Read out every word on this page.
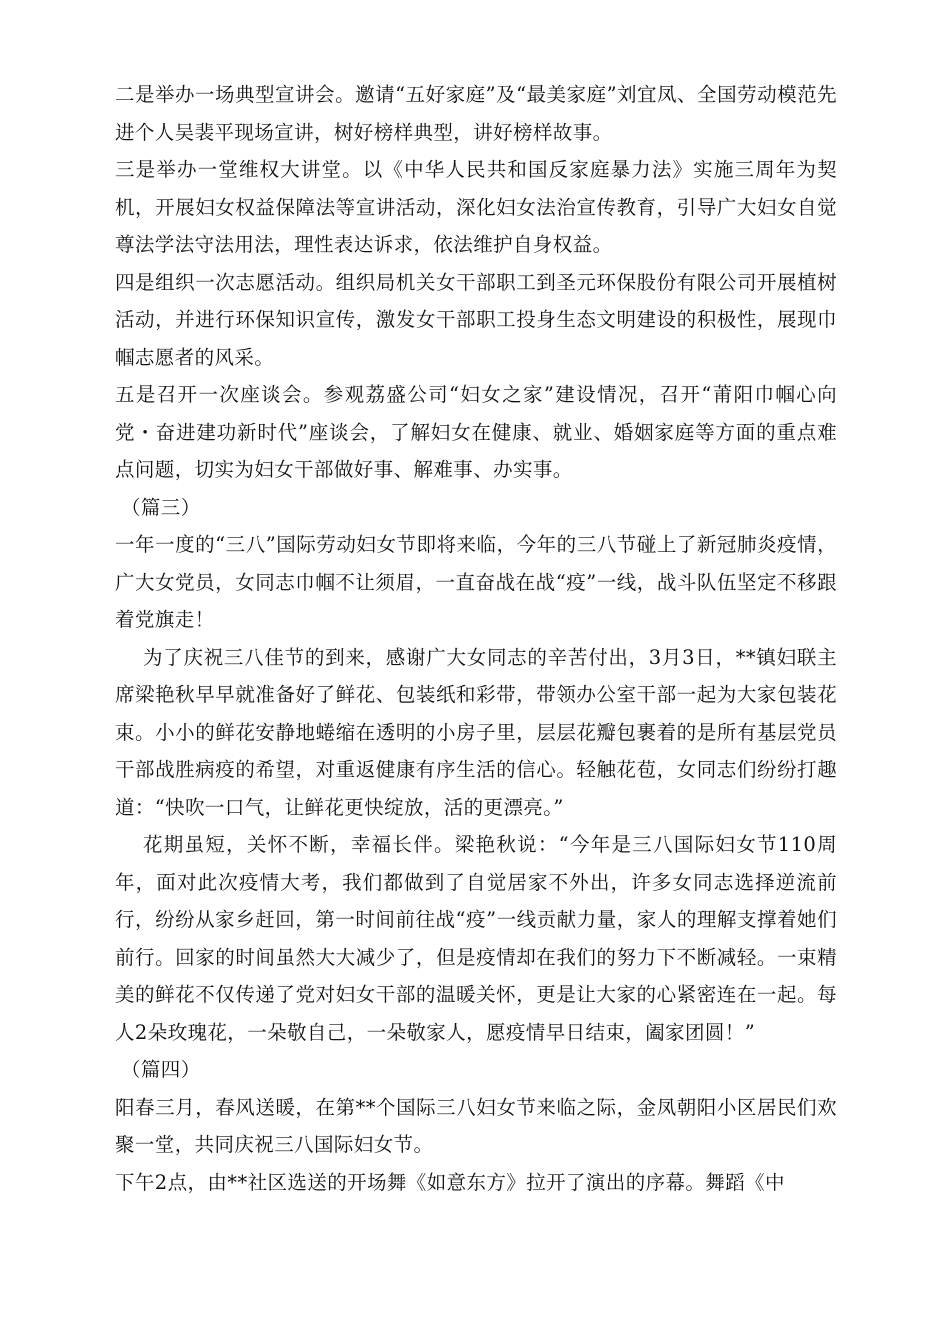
二是举办一场典型宣讲会。邀请“五好家庭”及“最美家庭”刘宜凤、全国劳动模范先进个人吴裴平现场宣讲，树好榜样典型，讲好榜样故事。

三是举办一堂维权大讲堂。以《中华人民共和国反家庭暴力法》实施三周年为契机，开展妇女权益保障法等宣讲活动，深化妇女法治宣传教育，引导广大妇女自觉尊法学法守法用法，理性表达诉求，依法维护自身权益。

四是组织一次志愿活动。组织局机关女干部职工到圣元环保股份有限公司开展植树活动，并进行环保知识宣传，激发女干部职工投身生态文明建设的积极性，展现巾帼志愿者的风采。

五是召开一次座谈会。参观荔盛公司“妇女之家”建设情况，召开“莆阳巾帼心向党・奋进建功新时代”座谈会，了解妇女在健康、就业、婚姻家庭等方面的重点难点问题，切实为妇女干部做好事、解难事、办实事。

（篇三）

一年一度的“三八”国际劳动妇女节即将来临，今年的三八节碰上了新冠肺炎疫情，广大女党员，女同志巾帼不让须眉，一直奋战在战“疫”一线，战斗队伍坚定不移跟着党旗走！

为了庆祝三八佳节的到来，感谢广大女同志的辛苦付出，3月3日，**镇妇联主席梁艳秋早早就准备好了鲜花、包装纸和彩带，带领办公室干部一起为大家包装花束。小小的鲜花安静地蜷缩在透明的小房子里，层层花瓣包裹着的是所有基层党员干部战胜病疫的希望，对重返健康有序生活的信心。轻触花苞，女同志们纷纷打趣道：“快吹一口气，让鲜花更快绽放，活的更漂亮。”

花期虽短，关怀不断，幸福长伴。梁艳秋说：“今年是三八国际妇女节110周年，面对此次疫情大考，我们都做到了自觉居家不外出，许多女同志选择逆流前行，纷纷从家乡赶回，第一时间前往战“疫”一线贡献力量，家人的理解支撑着她们前行。回家的时间虽然大大减少了，但是疫情却在我们的努力下不断减轻。一束精美的鲜花不仅传递了党对妇女干部的温暖关怀，更是让大家的心紧密连在一起。每人2朵玫瑰花，一朵敬自己，一朵敬家人，愿疫情早日结束，阖家团圆！”

（篇四）

阳春三月，春风送暖，在第**个国际三八妇女节来临之际，金凤朝阳小区居民们欢聚一堂，共同庆祝三八国际妇女节。

下午2点，由**社区选送的开场舞《如意东方》拉开了演出的序幕。舞蹈《中
